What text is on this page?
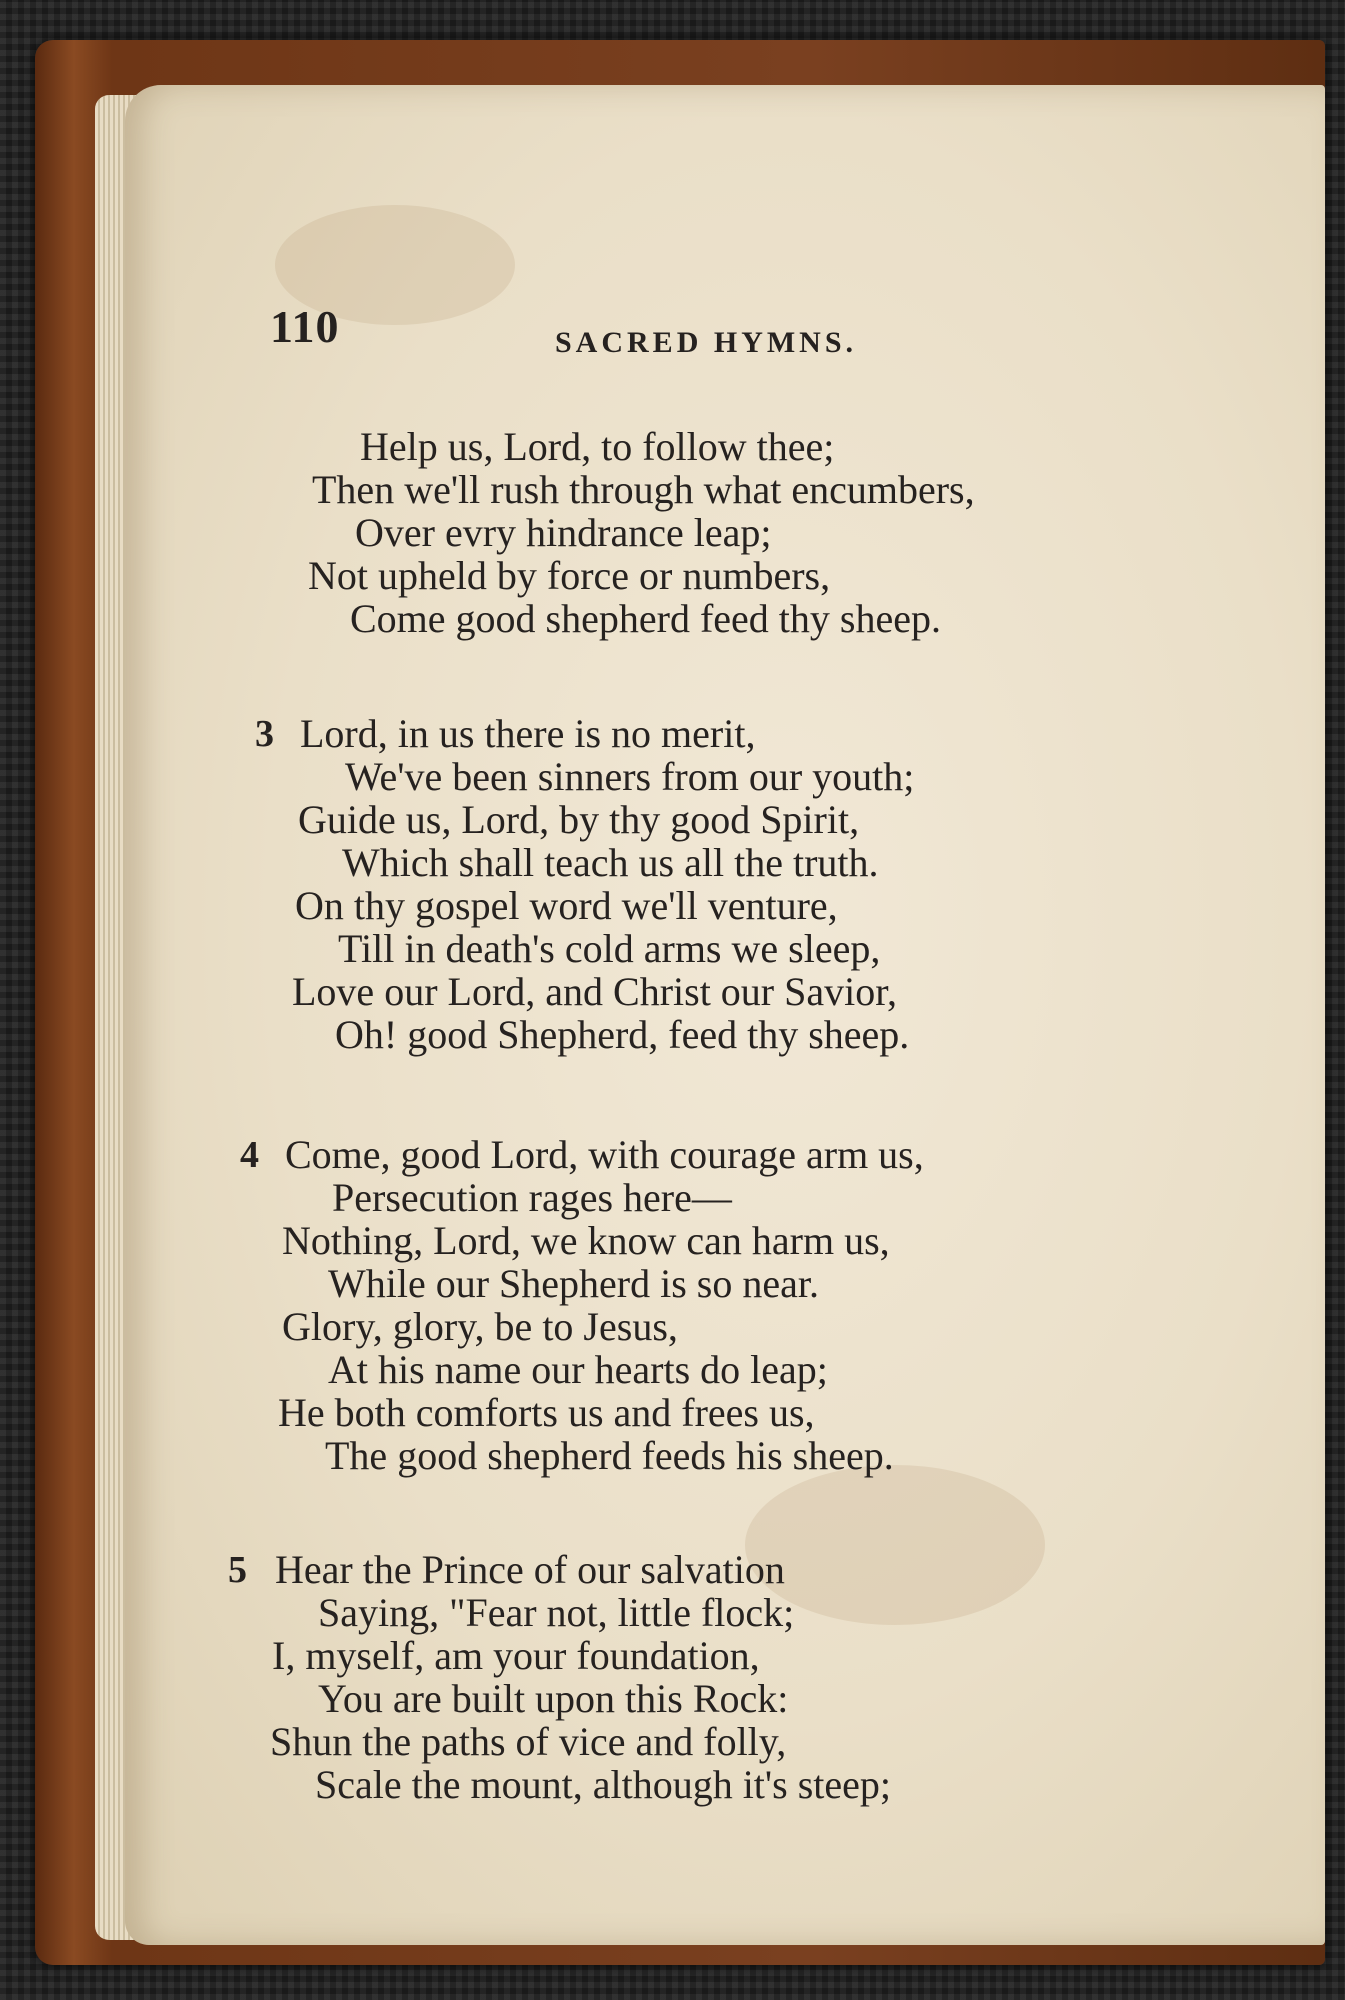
110	SACRED HYMNS.
Help us, Lord, to follow thee;
Then we'll rush through what encumbers,
Over evry hindrance leap;
Not upheld by force or numbers,
Come good shepherd feed thy sheep.
3 Lord, in us there is no merit,
We've been sinners from our youth;
Guide us, Lord, by thy good Spirit,
Which shall teach us all the truth.
On thy gospel word we'll venture,
Till in death's cold arms we sleep,
Love our Lord, and Christ our Savior,
Oh! good Shepherd, feed thy sheep.
4 Come, good Lord, with courage arm us,
Persecution rages here—
Nothing, Lord, we know can harm us,
While our Shepherd is so near.
Glory, glory, be to Jesus,
At his name our hearts do leap;
He both comforts us and frees us,
The good shepherd feeds his sheep.
5 Hear the Prince of our salvation
Saying, "Fear not, little flock;
I, myself, am your foundation,
You are built upon this Rock:
Shun the paths of vice and folly,
Scale the mount, although it's steep;
